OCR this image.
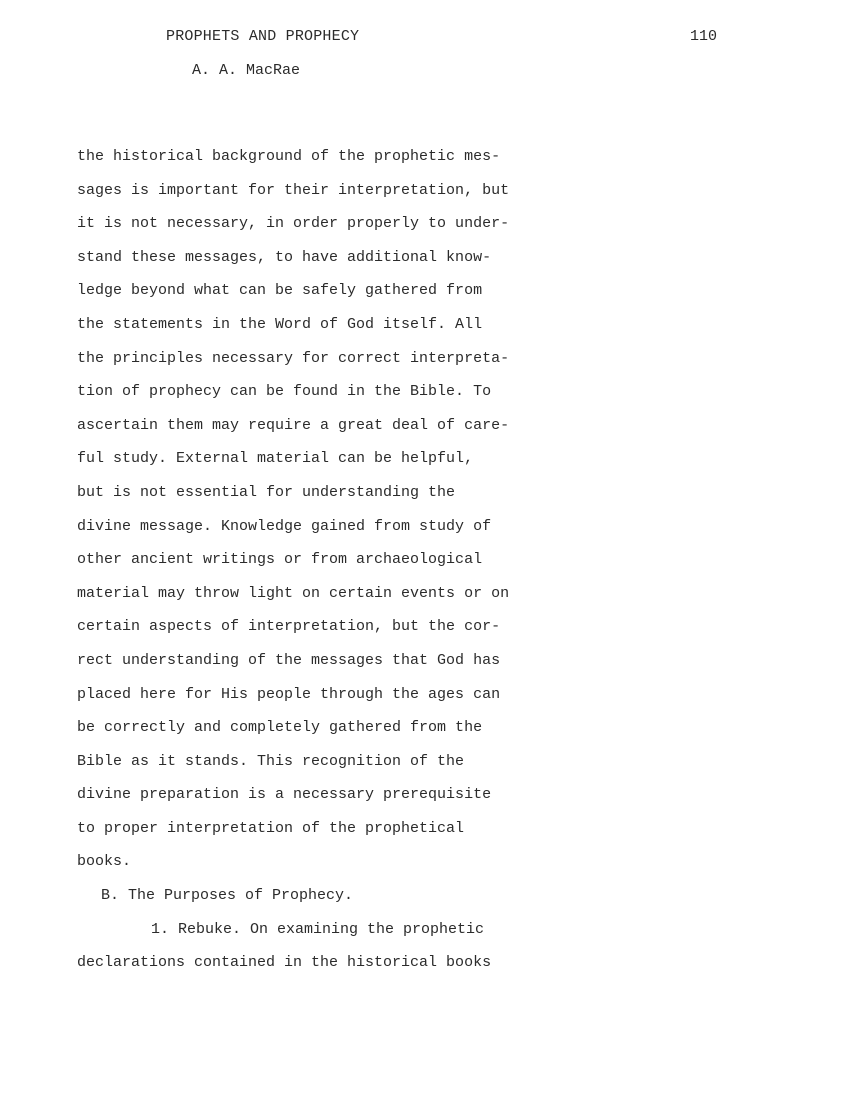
PROPHETS AND PROPHECY	110
A. A. MacRae
the historical background of the prophetic mes-
sages is important for their interpretation, but
it is not necessary, in order properly to under-
stand these messages, to have additional know-
ledge beyond what can be safely gathered from
the statements in the Word of God itself. All
the principles necessary for correct interpreta-
tion of prophecy can be found in the Bible. To
ascertain them may require a great deal of care-
ful study. External material can be helpful,
but is not essential for understanding the
divine message. Knowledge gained from study of
other ancient writings or from archaeological
material may throw light on certain events or on
certain aspects of interpretation, but the cor-
rect understanding of the messages that God has
placed here for His people through the ages can
be correctly and completely gathered from the
Bible as it stands. This recognition of the
divine preparation is a necessary prerequisite
to proper interpretation of the prophetical
books.
B. The Purposes of Prophecy.
1. Rebuke. On examining the prophetic
declarations contained in the historical books
